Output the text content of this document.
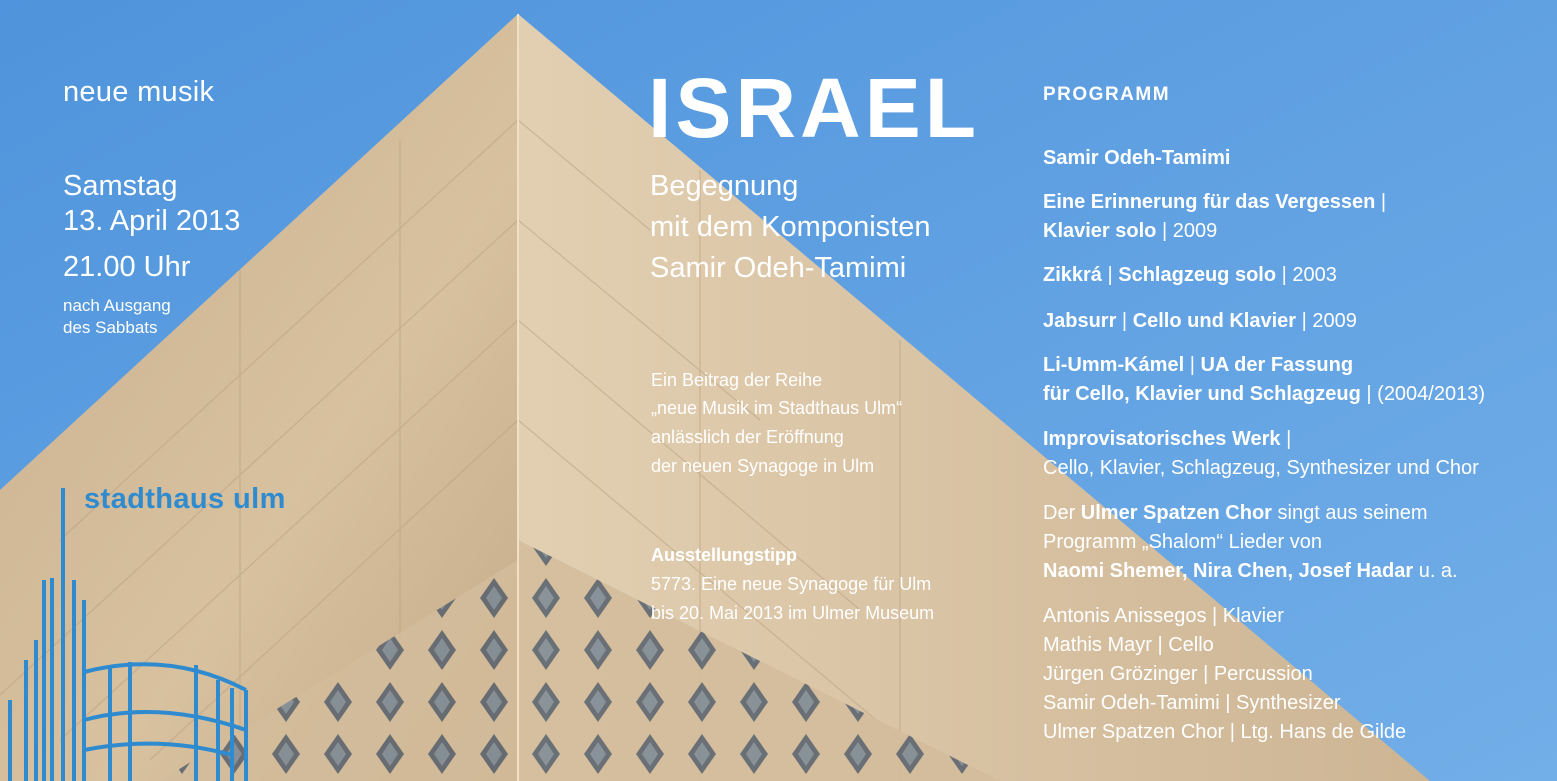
neue musik
Samstag
13. April 2013
21.00 Uhr
nach Ausgang
des Sabbats
stadthaus ulm
ISRAEL
Begegnung
mit dem Komponisten
Samir Odeh-Tamimi
Ein Beitrag der Reihe
„neue Musik im Stadthaus Ulm“
anlässlich der Eröffnung
der neuen Synagoge in Ulm
Ausstellungstipp
5773. Eine neue Synagoge für Ulm
bis 20. Mai 2013 im Ulmer Museum
PROGRAMM
Samir Odeh-Tamimi
Eine Erinnerung für das Vergessen |
Klavier solo | 2009
Zikkrá | Schlagzeug solo | 2003
Jabsurr | Cello und Klavier | 2009
Li-Umm-Kámel | UA der Fassung
für Cello, Klavier und Schlagzeug | (2004/2013)
Improvisatorisches Werk |
Cello, Klavier, Schlagzeug, Synthesizer und Chor
Der Ulmer Spatzen Chor singt aus seinem
Programm „Shalom“ Lieder von
Naomi Shemer, Nira Chen, Josef Hadar u. a.
Antonis Anissegos | Klavier
Mathis Mayr | Cello
Jürgen Grözinger | Percussion
Samir Odeh-Tamimi | Synthesizer
Ulmer Spatzen Chor | Ltg. Hans de Gilde
